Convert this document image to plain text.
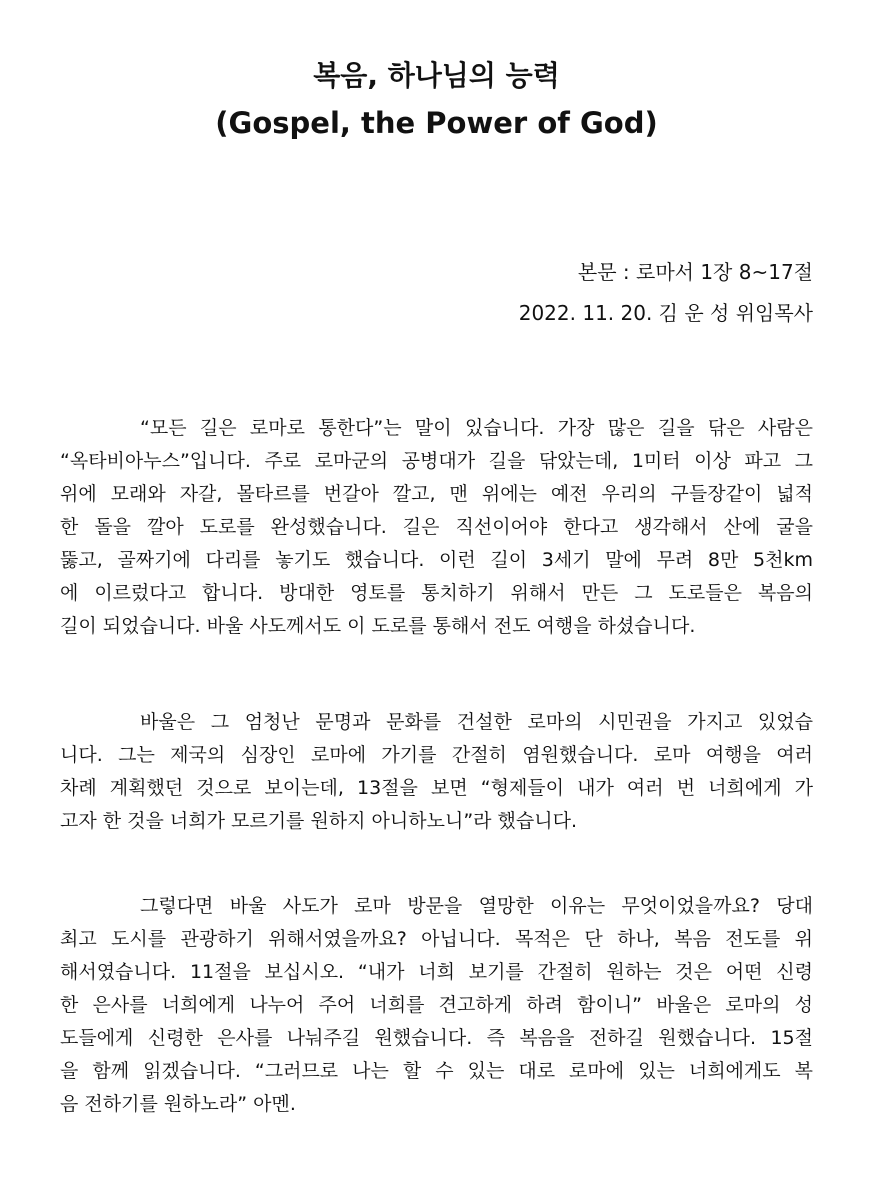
복음, 하나님의 능력
(Gospel, the Power of God)
본문 : 로마서 1장 8~17절
2022. 11. 20. 김 운 성 위임목사
“모든 길은 로마로 통한다”는 말이 있습니다. 가장 많은 길을 닦은 사람은
“옥타비아누스”입니다. 주로 로마군의 공병대가 길을 닦았는데, 1미터 이상 파고 그
위에 모래와 자갈, 몰타르를 번갈아 깔고, 맨 위에는 예전 우리의 구들장같이 넓적
한 돌을 깔아 도로를 완성했습니다. 길은 직선이어야 한다고 생각해서 산에 굴을
뚫고, 골짜기에 다리를 놓기도 했습니다. 이런 길이 3세기 말에 무려 8만 5천km
에 이르렀다고 합니다. 방대한 영토를 통치하기 위해서 만든 그 도로들은 복음의
길이 되었습니다. 바울 사도께서도 이 도로를 통해서 전도 여행을 하셨습니다.
바울은 그 엄청난 문명과 문화를 건설한 로마의 시민권을 가지고 있었습
니다. 그는 제국의 심장인 로마에 가기를 간절히 염원했습니다. 로마 여행을 여러
차례 계획했던 것으로 보이는데, 13절을 보면 “형제들이 내가 여러 번 너희에게 가
고자 한 것을 너희가 모르기를 원하지 아니하노니”라 했습니다.
그렇다면 바울 사도가 로마 방문을 열망한 이유는 무엇이었을까요? 당대
최고 도시를 관광하기 위해서였을까요? 아닙니다. 목적은 단 하나, 복음 전도를 위
해서였습니다. 11절을 보십시오. “내가 너희 보기를 간절히 원하는 것은 어떤 신령
한 은사를 너희에게 나누어 주어 너희를 견고하게 하려 함이니” 바울은 로마의 성
도들에게 신령한 은사를 나눠주길 원했습니다. 즉 복음을 전하길 원했습니다. 15절
을 함께 읽겠습니다. “그러므로 나는 할 수 있는 대로 로마에 있는 너희에게도 복
음 전하기를 원하노라” 아멘.
